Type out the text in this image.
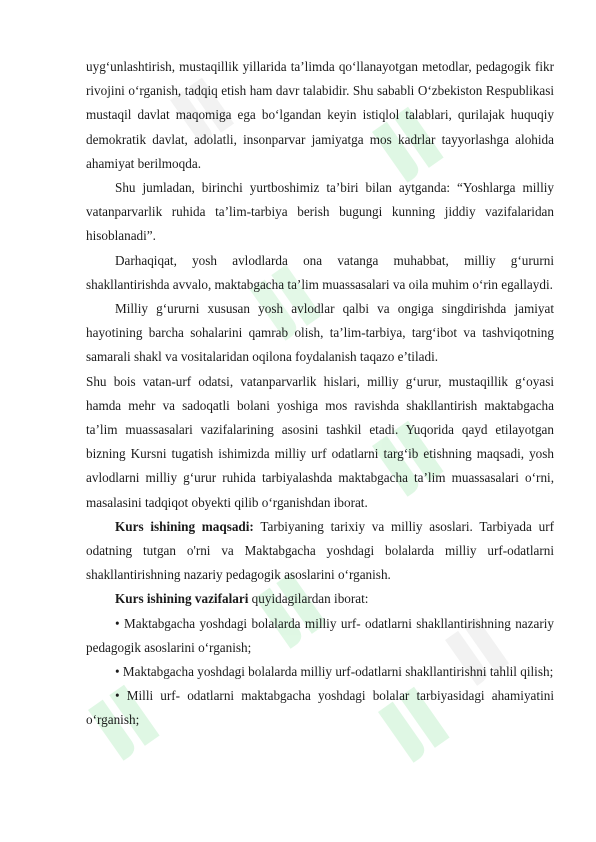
uyg‘unlashtirish, mustaqillik yillarida ta’limda qo‘llanayotgan metodlar, pedagogik fikr rivojini o‘rganish, tadqiq etish ham davr talabidir. Shu sababli O‘zbekiston Respublikasi mustaqil davlat maqomiga ega bo‘lgandan keyin istiqlol talablari, qurilajak huquqiy demokratik davlat, adolatli, insonparvar jamiyatga mos kadrlar tayyorlashga alohida ahamiyat berilmoqda.

Shu jumladan, birinchi yurtboshimiz ta’biri bilan aytganda: “Yoshlarga milliy vatanparvarlik ruhida ta’lim-tarbiya berish bugungi kunning jiddiy vazifalaridan hisoblanadi”.

Darhaqiqat, yosh avlodlarda ona vatanga muhabbat, milliy g‘ururni shakllantirishda avvalo, maktabgacha ta’lim muassasalari va oila muhim o‘rin egallaydi.

Milliy g‘ururni xususan yosh avlodlar qalbi va ongiga singdirishda jamiyat hayotining barcha sohalarini qamrab olish, ta’lim-tarbiya, targ‘ibot va tashviqotning samarali shakl va vositalaridan oqilona foydalanish taqazo e’tiladi.

Shu bois vatan-urf odatsi, vatanparvarlik hislari, milliy g‘urur, mustaqillik g‘oyasi hamda mehr va sadoqatli bolani yoshiga mos ravishda shakllantirish maktabgacha ta’lim muassasalari vazifalarining asosini tashkil etadi. Yuqorida qayd etilayotgan bizning Kursni tugatish ishimizda milliy urf odatlarni targ‘ib etishning maqsadi, yosh avlodlarni milliy g‘urur ruhida tarbiyalashda maktabgacha ta’lim muassasalari o‘rni, masalasini tadqiqot obyekti qilib o‘rganishdan iborat.

Kurs ishining maqsadi: Tarbiyaning tarixiy va milliy asoslari. Tarbiyada urf odatning tutgan o'rni va Maktabgacha yoshdagi bolalarda milliy urf-odatlarni shakllantirishning nazariy pedagogik asoslarini o‘rganish.

Kurs ishining vazifalari quyidagilardan iborat:

• Maktabgacha yoshdagi bolalarda milliy urf- odatlarni shakllantirishning nazariy pedagogik asoslarini o‘rganish;

• Maktabgacha yoshdagi bolalarda milliy urf-odatlarni shakllantirishni tahlil qilish;

• Milli urf- odatlarni maktabgacha yoshdagi bolalar tarbiyasidagi ahamiyatini o‘rganish;
